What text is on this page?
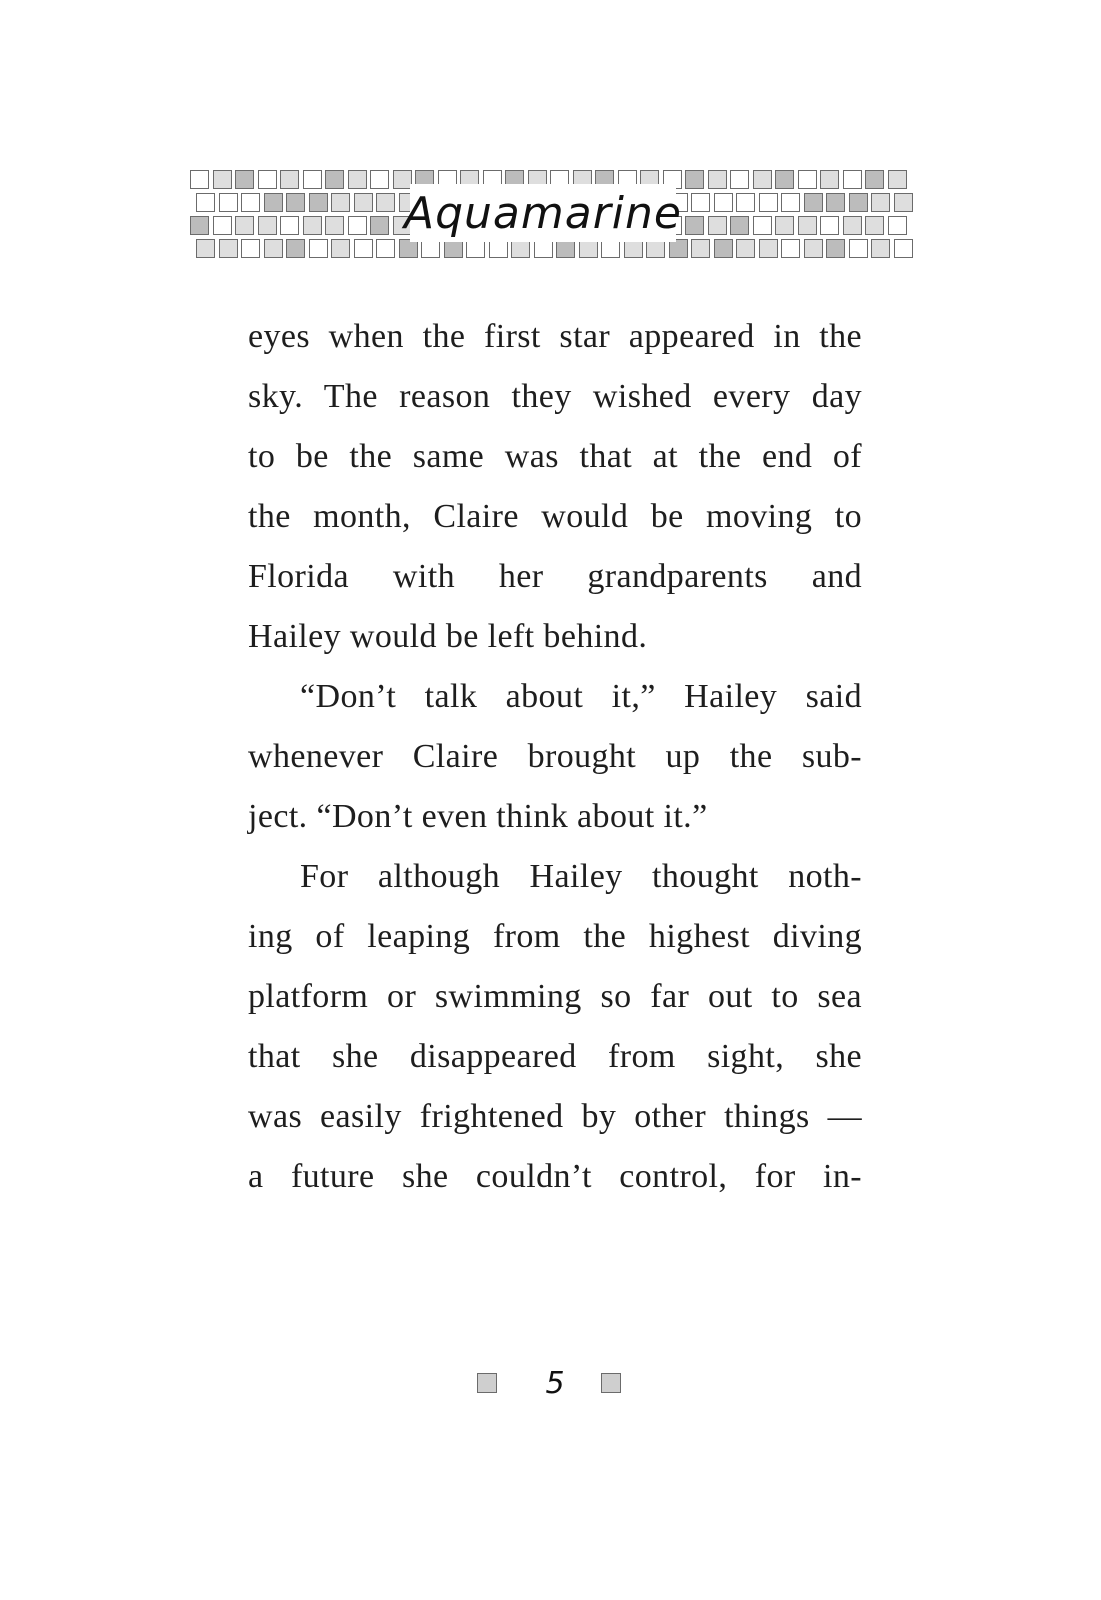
Aquamarine
eyes when the first star appeared in the
sky. The reason they wished every day
to be the same was that at the end of
the month, Claire would be moving to
Florida with her grandparents and
Hailey would be left behind.
“Don’t talk about it,” Hailey said
whenever Claire brought up the sub-
ject. “Don’t even think about it.”
For although Hailey thought noth-
ing of leaping from the highest diving
platform or swimming so far out to sea
that she disappeared from sight, she
was easily frightened by other things —
a future she couldn’t control, for in-
5
